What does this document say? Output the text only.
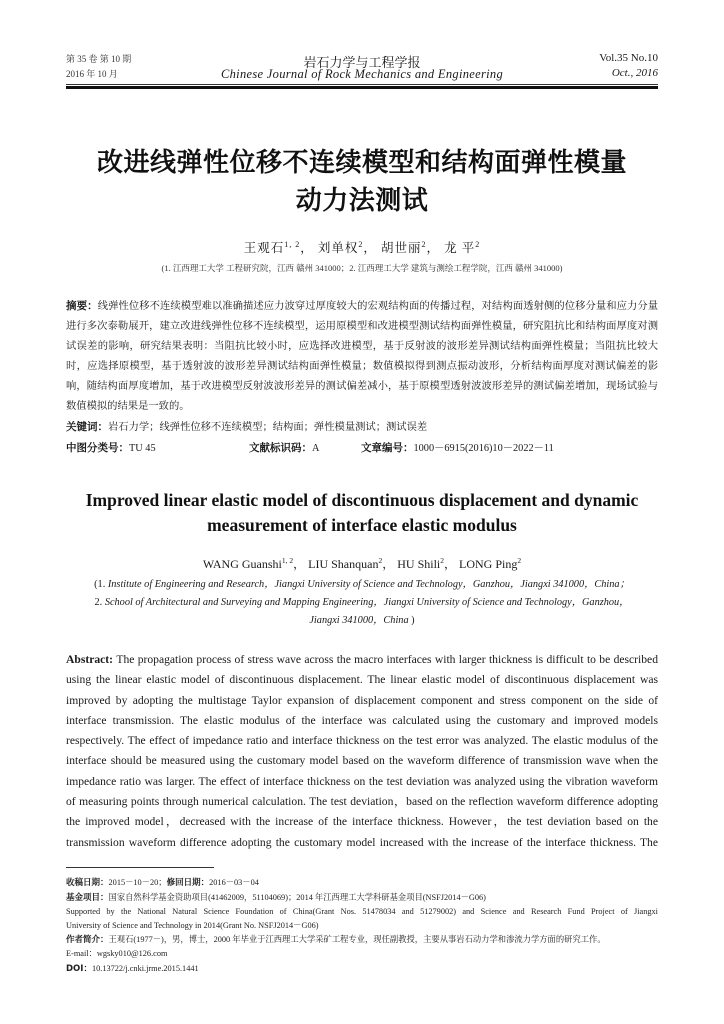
第 35 卷 第 10 期	岩石力学与工程学报	Vol.35 No.10
2016 年 10 月	Chinese Journal of Rock Mechanics and Engineering	Oct., 2016
改进线弹性位移不连续模型和结构面弹性模量
动力法测试
王观石$^{1, 2}$， 刘单权$^2$， 胡世丽$^2$， 龙 平$^2$
(1. 江西理工大学 工程研究院，江西 赣州 341000；2. 江西理工大学 建筑与测绘工程学院，江西 赣州 341000)
摘要：线弹性位移不连续模型难以准确描述应力波穿过厚度较大的宏观结构面的传播过程，对结构面透射侧的位移分量和应力分量进行多次泰勒展开，建立改进线弹性位移不连续模型，运用原模型和改进模型测试结构面弹性模量，研究阻抗比和结构面厚度对测试误差的影响，研究结果表明：当阻抗比较小时，应选择改进模型，基于反射波的波形差异测试结构面弹性模量；当阻抗比较大时，应选择原模型，基于透射波的波形差异测试结构面弹性模量；数值模拟得到测点振动波形，分析结构面厚度对测试偏差的影响，随结构面厚度增加，基于改进模型反射波波形差异的测试偏差减小，基于原模型透射波波形差异的测试偏差增加，现场试验与数值模拟的结果是一致的。
关键词：岩石力学；线弹性位移不连续模型；结构面；弹性模量测试；测试误差
中图分类号：TU 45	文献标识码：A	文章编号：1000－6915(2016)10－2022－11
Improved linear elastic model of discontinuous displacement and dynamic
measurement of interface elastic modulus
WANG Guanshi$^{1, 2}$， LIU Shanquan$^2$， HU Shili$^2$， LONG Ping$^2$
(1. Institute of Engineering and Research，Jiangxi University of Science and Technology，Ganzhou，Jiangxi 341000，China；
2. School of Architectural and Surveying and Mapping Engineering，Jiangxi University of Science and Technology，Ganzhou，
Jiangxi 341000，China )
Abstract: The propagation process of stress wave across the macro interfaces with larger thickness is difficult to be described using the linear elastic model of discontinuous displacement. The linear elastic model of discontinuous displacement was improved by adopting the multistage Taylor expansion of displacement component and stress component on the side of interface transmission. The elastic modulus of the interface was calculated using the customary and improved models respectively. The effect of impedance ratio and interface thickness on the test error was analyzed. The elastic modulus of the interface should be measured using the customary model based on the waveform difference of transmission wave when the impedance ratio was larger. The effect of interface thickness on the test deviation was analyzed using the vibration waveform of measuring points through numerical calculation. The test deviation，based on the reflection waveform difference adopting the improved model，decreased with the increase of the interface thickness. However，the test deviation based on the transmission waveform difference adopting the customary model increased with the increase of the interface thickness. The

收稿日期：2015－10－20；修回日期：2016－03－04

基金项目：国家自然科学基金资助项目(41462009，51104069)；2014 年江西理工大学科研基金项目(NSFJ2014－G06)

Supported by the National Natural Science Foundation of China(Grant Nos. 51478034 and 51279002) and Science and Research Fund Project of Jiangxi

University of Science and Technology in 2014(Grant No. NSFJ2014－G06)

作者简介：王观石(1977－)，男，博士，2000 年毕业于江西理工大学采矿工程专业，现任副教授，主要从事岩石动力学和渗流力学方面的研究工作。

E-mail：wgsky010@126.com

DOI：10.13722/j.cnki.jrme.2015.1441
